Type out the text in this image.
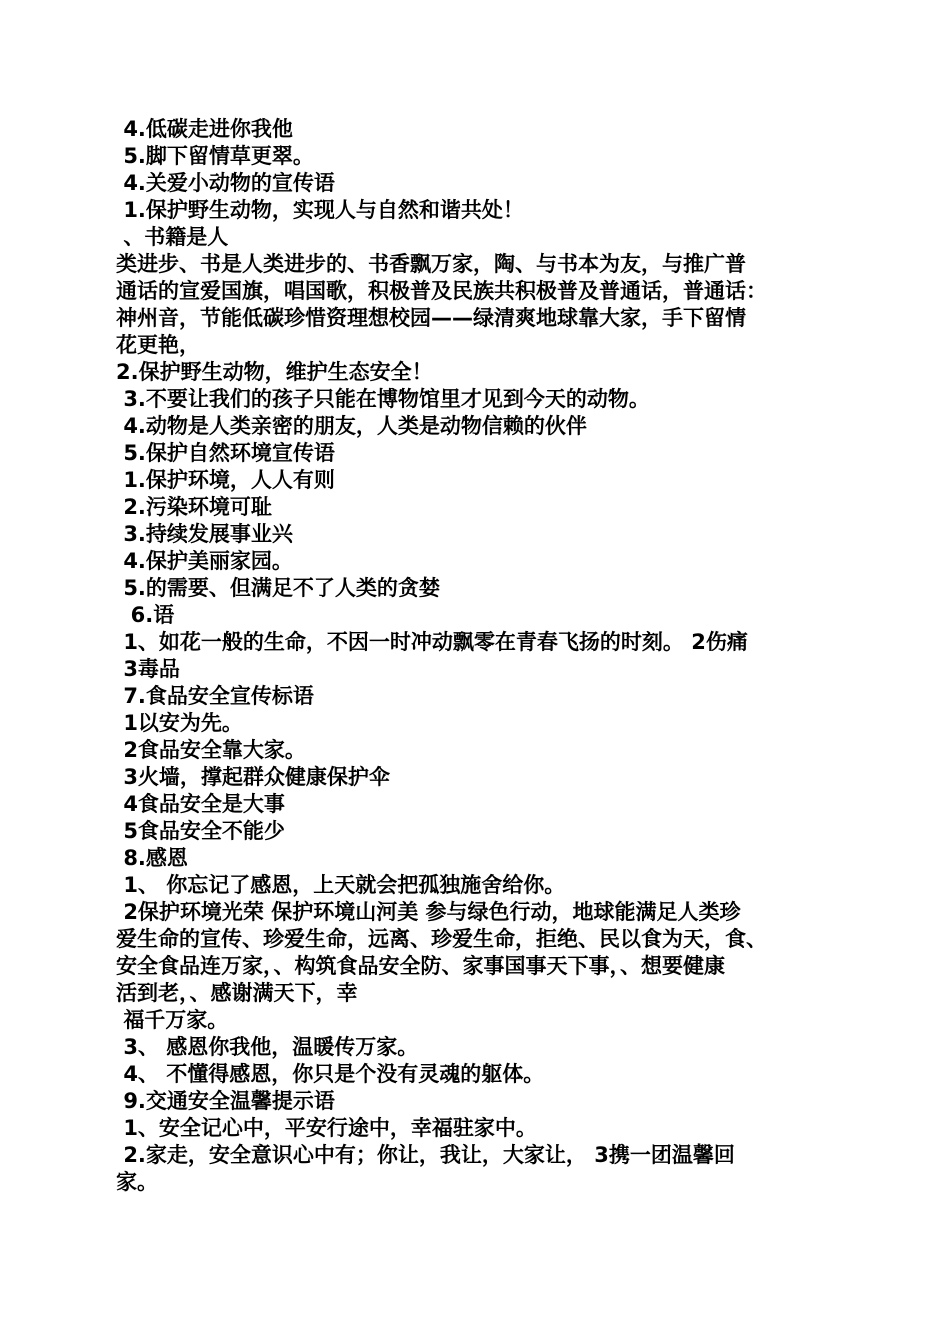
4.低碳走进你我他
5.脚下留情草更翠。
4.关爱小动物的宣传语
1.保护野生动物，实现人与自然和谐共处！
、书籍是人
类进步、书是人类进步的、书香飘万家，陶、与书本为友，与推广普
通话的宣爱国旗，唱国歌，积极普及民族共积极普及普通话，普通话：
神州音，节能低碳珍惜资理想校园——绿清爽地球靠大家，手下留情
花更艳，
2.保护野生动物，维护生态安全！
3.不要让我们的孩子只能在博物馆里才见到今天的动物。
4.动物是人类亲密的朋友，人类是动物信赖的伙伴
5.保护自然环境宣传语
1.保护环境，人人有则
2.污染环境可耻
3.持续发展事业兴
4.保护美丽家园。
5.的需要、但满足不了人类的贪婪
6.语
1、如花一般的生命，不因一时冲动飘零在青春飞扬的时刻。 2伤痛
3毒品
7.食品安全宣传标语
1以安为先。
2食品安全靠大家。
3火墙，撑起群众健康保护伞
4食品安全是大事
5食品安全不能少
8.感恩
1、 你忘记了感恩，上天就会把孤独施舍给你。
2保护环境光荣 保护环境山河美 参与绿色行动，地球能满足人类珍
爱生命的宣传、珍爱生命，远离、珍爱生命，拒绝、民以食为天，食、
安全食品连万家，、构筑食品安全防、家事国事天下事，、想要健康
活到老，、感谢满天下，幸
福千万家。
3、 感恩你我他，温暖传万家。
4、 不懂得感恩，你只是个没有灵魂的躯体。
9.交通安全温馨提示语
1、安全记心中，平安行途中，幸福驻家中。
2.家走，安全意识心中有；你让，我让，大家让， 3携一团温馨回
家。
